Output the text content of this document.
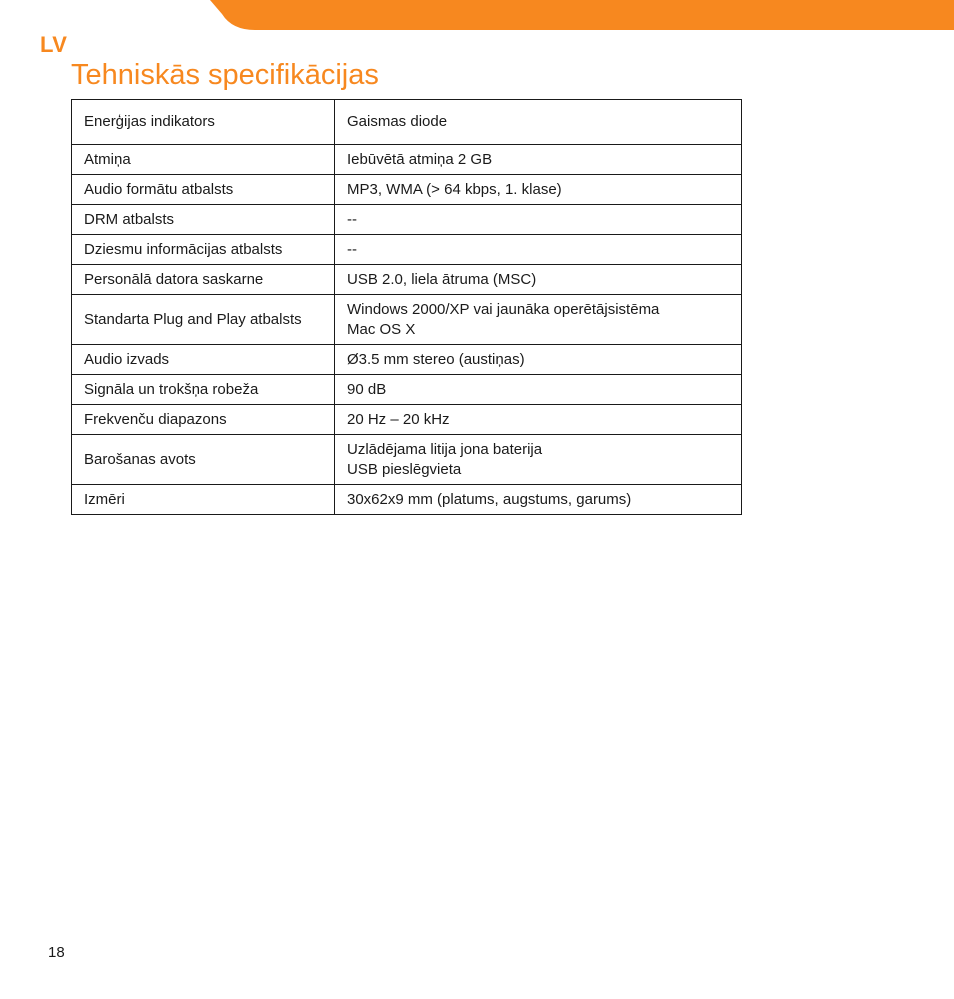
LV
Tehniskās specifikācijas
Enerģijas indikators	Gaismas diode

Atmiņa	Iebūvētā atmiņa 2 GB

Audio formātu atbalsts	MP3, WMA (> 64 kbps, 1. klase)

DRM atbalsts	--

Dziesmu informācijas atbalsts	--

Personālā datora saskarne	USB 2.0, liela ātruma (MSC)

Standarta Plug and Play atbalsts	Windows 2000/XP vai jaunāka operētājsistēma
Mac OS X

Audio izvads	Ø3.5 mm stereo (austiņas)

Signāla un trokšņa robeža	90 dB

Frekvenču diapazons	20 Hz – 20 kHz

Barošanas avots	Uzlādējama litija jona baterija
USB pieslēgvieta

Izmēri	30x62x9 mm (platums, augstums, garums)
18
